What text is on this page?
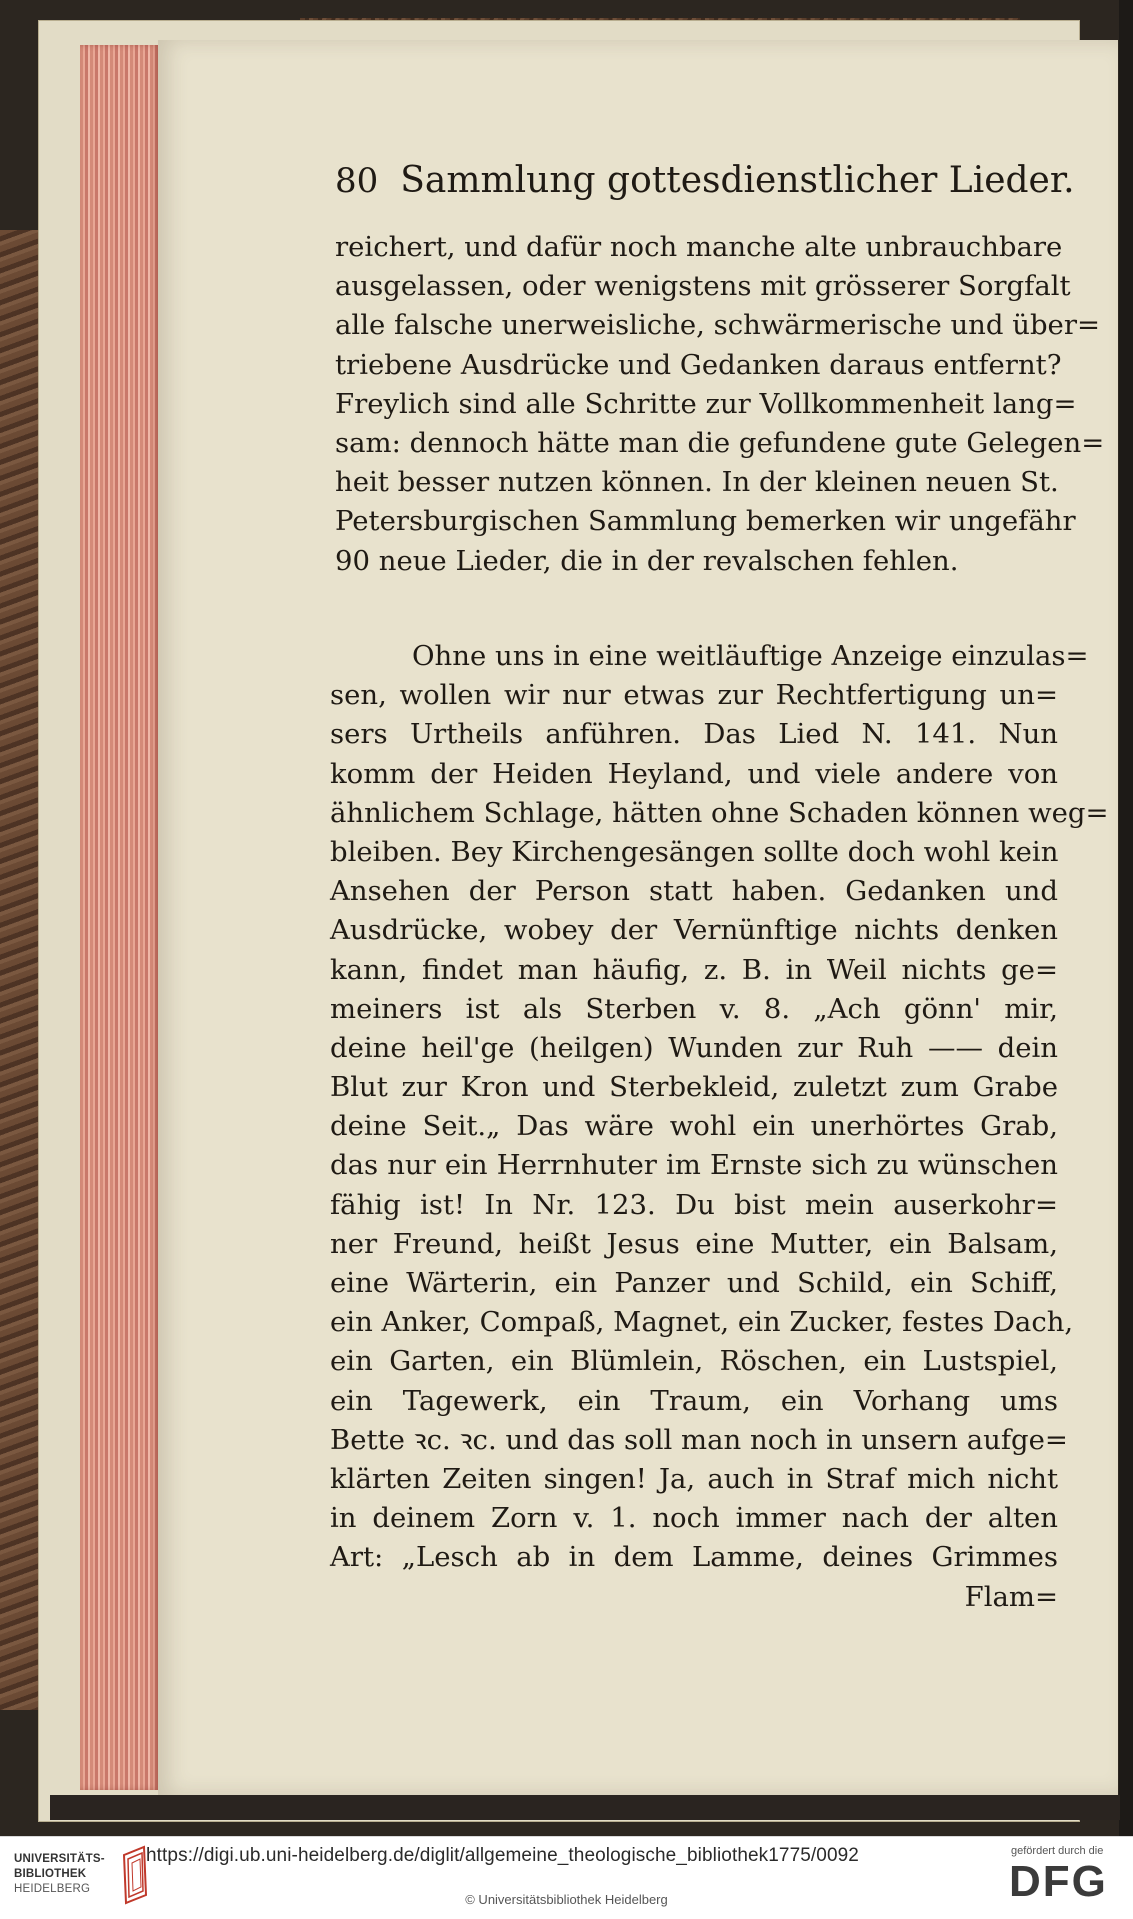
80 Sammlung gottesdienstlicher Lieder.
reichert, und dafür noch manche alte unbrauchbare
ausgelassen, oder wenigstens mit grösserer Sorgfalt
alle falsche unerweisliche, schwärmerische und über=
triebene Ausdrücke und Gedanken daraus entfernt?
Freylich sind alle Schritte zur Vollkommenheit lang=
sam: dennoch hätte man die gefundene gute Gelegen=
heit besser nutzen können. In der kleinen neuen St.
Petersburgischen Sammlung bemerken wir ungefähr
90 neue Lieder, die in der revalschen fehlen.
Ohne uns in eine weitläuftige Anzeige einzulas=
sen, wollen wir nur etwas zur Rechtfertigung un=
sers Urtheils anführen. Das Lied N. 141. Nun
komm der Heiden Heyland, und viele andere von
ähnlichem Schlage, hätten ohne Schaden können weg=
bleiben. Bey Kirchengesängen sollte doch wohl kein
Ansehen der Person statt haben. Gedanken und
Ausdrücke, wobey der Vernünftige nichts denken
kann, findet man häufig, z. B. in Weil nichts ge=
meiners ist als Sterben v. 8. „Ach gönn' mir,
deine heil'ge (heilgen) Wunden zur Ruh —— dein
Blut zur Kron und Sterbekleid, zuletzt zum Grabe
deine Seit.„ Das wäre wohl ein unerhörtes Grab,
das nur ein Herrnhuter im Ernste sich zu wünschen
fähig ist! In Nr. 123. Du bist mein auserkohr=
ner Freund, heißt Jesus eine Mutter, ein Balsam,
eine Wärterin, ein Panzer und Schild, ein Schiff,
ein Anker, Compaß, Magnet, ein Zucker, festes Dach,
ein Garten, ein Blümlein, Röschen, ein Lustspiel,
ein Tagewerk, ein Traum, ein Vorhang ums
Bette ꝛc. ꝛc. und das soll man noch in unsern aufge=
klärten Zeiten singen! Ja, auch in Straf mich nicht
in deinem Zorn v. 1. noch immer nach der alten
Art: „Lesch ab in dem Lamme, deines Grimmes
Flam=
UNIVERSITÄTS-
BIBLIOTHEK
HEIDELBERG
https://digi.ub.uni-heidelberg.de/diglit/allgemeine_theologische_bibliothek1775/0092
© Universitätsbibliothek Heidelberg
gefördert durch die
DFG
